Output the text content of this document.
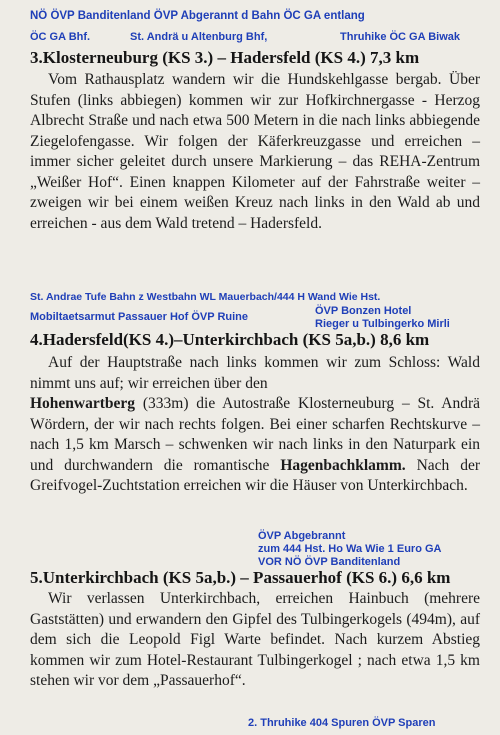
NÖ ÖVP Banditenland ÖVP Abgerannt d Bahn ÖC GA entlang
ÖC GA Bhf.	St. Andrä u Altenburg Bhf,	Thruhike ÖC GA Biwak
3.Klosterneuburg (KS 3.) – Hadersfeld (KS 4.) 7,3 km

Vom Rathausplatz wandern wir die Hundskehlgasse bergab. Über Stufen (links abbiegen) kommen wir zur Hofkirchnergasse - Herzog Albrecht Straße und nach etwa 500 Metern in die nach links abbiegende Ziegelofengasse. Wir folgen der Käferkreuzgasse und erreichen – immer sicher geleitet durch unsere Markierung – das REHA-Zentrum „Weißer Hof“. Einen knappen Kilometer auf der Fahrstraße weiter – zweigen wir bei einem weißen Kreuz nach links in den Wald ab und erreichen - aus dem Wald tretend – Hadersfeld.

St. Andrae Tufe Bahn z Westbahn WL Mauerbach/444 H Wand Wie Hst.
Mobiltaetsarmut Passauer Hof ÖVP Ruine	ÖVP Bonzen Hotel
Rieger u Tulbingerko Mirli
4.Hadersfeld(KS 4.)–Unterkirchbach (KS 5a,b.) 8,6 km

Auf der Hauptstraße nach links kommen wir zum Schloss: Wald nimmt uns auf; wir erreichen über den
Hohenwartberg (333m) die Autostraße Klosterneuburg – St. Andrä Wördern, der wir nach rechts folgen. Bei einer scharfen Rechtskurve – nach 1,5 km Marsch – schwenken wir nach links in den Naturpark ein und durchwandern die romantische Hagenbachklamm. Nach der Greifvogel-Zuchtstation erreichen wir die Häuser von Unterkirchbach.

ÖVP Abgebrannt
zum 444 Hst. Ho Wa Wie 1 Euro GA
VOR NÖ ÖVP Banditenland
5.Unterkirchbach (KS 5a,b.) – Passauerhof (KS 6.) 6,6 km

Wir verlassen Unterkirchbach, erreichen Hainbuch (mehrere Gaststätten) und erwandern den Gipfel des Tulbingerkogels (494m), auf dem sich die Leopold Figl Warte befindet. Nach kurzem Abstieg kommen wir zum Hotel-Restaurant Tulbingerkogel ; nach etwa 1,5 km stehen wir vor dem „Passauerhof“.

2. Thruhike 404 Spuren ÖVP Sparen
